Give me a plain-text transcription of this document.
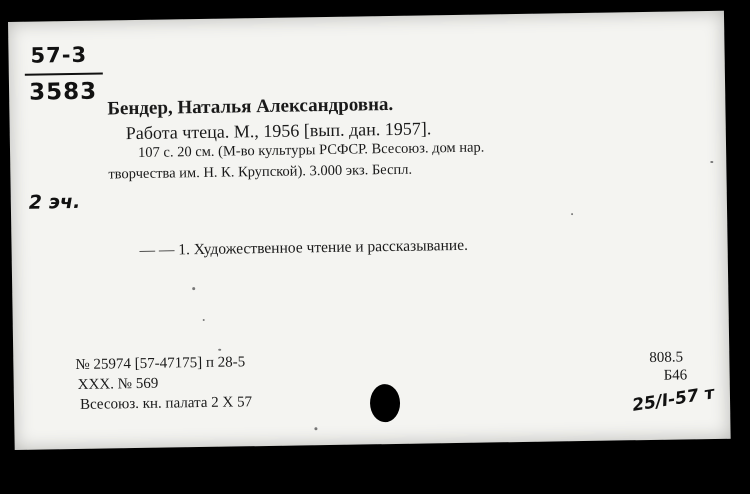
57-3
3583
Бендер, Наталья Александровна.
Работа чтеца. М., 1956 [вып. дан. 1957].
107 с. 20 см. (М-во культуры РСФСР. Всесоюз. дом нар.
творчества им. Н. К. Крупской). 3.000 экз. Беспл.
2 эч.
— — 1. Художественное чтение и рассказывание.
№ 25974 [57-47175] п 28-5
XXX. № 569
Всесоюз. кн. палата 2 X 57
808.5
Б46
25/I-57 т
